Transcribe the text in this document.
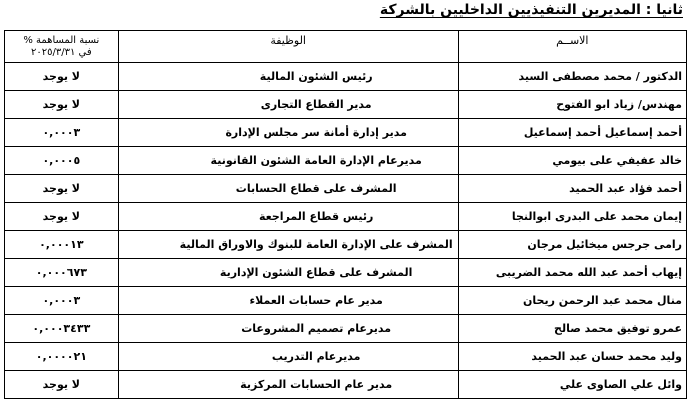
ثانيا : المديرين التنفيذيين الداخليين بالشركة
الاســم	الوظيفة	نسبة المساهمة %
في ٢٠٢٥/٣/٣١

الدكتور / محمد مصطفى السيد	رئيس الشئون المالية	لا يوجد
مهندس/ زياد ابو الفتوح	مدير القطاع التجارى	لا يوجد
أحمد إسماعيل أحمد إسماعيل	مدير إدارة أمانة سر مجلس الإدارة	٠,٠٠٠٣
خالد عفيفي على بيومي	مديرعام الإدارة العامة الشئون القانونية	٠,٠٠٠٥
أحمد فؤاد عبد الحميد	المشرف على قطاع الحسابات	لا يوجد
إيمان محمد على البدرى ابوالنجا	رئيس قطاع المراجعة	لا يوجد
رامى جرجس ميخائيل مرجان	المشرف على الإدارة العامة للبنوك والاوراق المالية	٠,٠٠٠١٣
إيهاب أحمد عبد الله محمد الضريبى	المشرف على قطاع الشئون الإدارية	٠,٠٠٠٦٧٣
منال محمد عبد الرحمن ريحان	مدير عام حسابات العملاء	٠,٠٠٠٣
عمرو توفيق محمد صالح	مديرعام تصميم المشروعات	٠,٠٠٠٣٤٣٣
وليد محمد حسان عبد الحميد	مديرعام التدريب	٠,٠٠٠٠٢١
وائل علي الصاوى علي	مدير عام الحسابات المركزية	لا يوجد
